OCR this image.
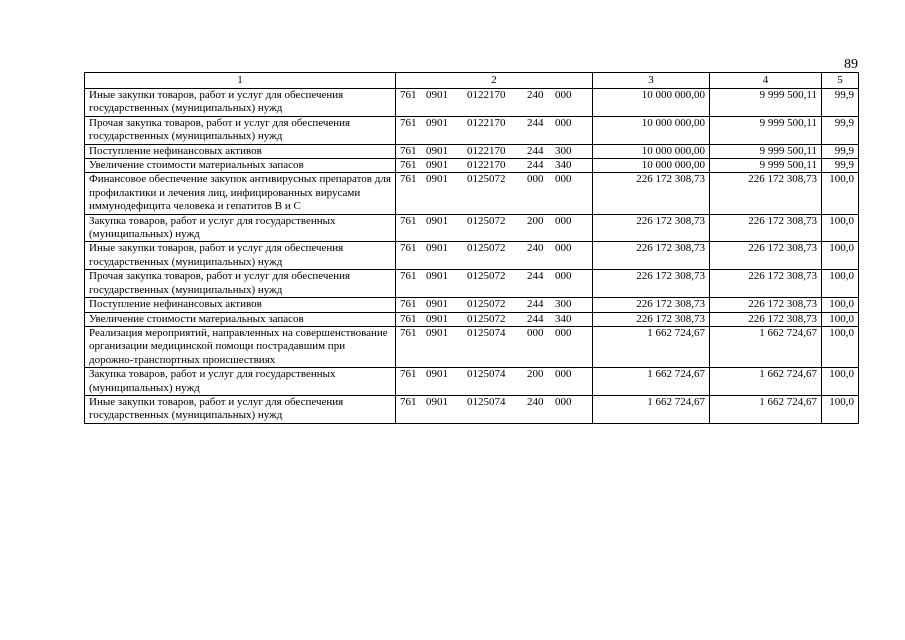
89
1	2	3	4	5
Иные закупки товаров, работ и услуг для обеспечения государственных (муниципальных) нужд	761 0901 0122170 240 000	10 000 000,00	9 999 500,11	99,9
Прочая закупка товаров, работ и услуг для обеспечения государственных (муниципальных) нужд	761 0901 0122170 244 000	10 000 000,00	9 999 500,11	99,9
Поступление нефинансовых активов	761 0901 0122170 244 300	10 000 000,00	9 999 500,11	99,9
Увеличение стоимости материальных запасов	761 0901 0122170 244 340	10 000 000,00	9 999 500,11	99,9
Финансовое обеспечение закупок антивирусных препаратов для профилактики и лечения лиц, инфицированных вирусами иммунодефицита человека и гепатитов B и C	761 0901 0125072 000 000	226 172 308,73	226 172 308,73	100,0
Закупка товаров, работ и услуг для государственных (муниципальных) нужд	761 0901 0125072 200 000	226 172 308,73	226 172 308,73	100,0
Иные закупки товаров, работ и услуг для обеспечения государственных (муниципальных) нужд	761 0901 0125072 240 000	226 172 308,73	226 172 308,73	100,0
Прочая закупка товаров, работ и услуг для обеспечения государственных (муниципальных) нужд	761 0901 0125072 244 000	226 172 308,73	226 172 308,73	100,0
Поступление нефинансовых активов	761 0901 0125072 244 300	226 172 308,73	226 172 308,73	100,0
Увеличение стоимости материальных запасов	761 0901 0125072 244 340	226 172 308,73	226 172 308,73	100,0
Реализация мероприятий, направленных на совершенствование организации медицинской помощи пострадавшим при дорожно-транспортных происшествиях	761 0901 0125074 000 000	1 662 724,67	1 662 724,67	100,0
Закупка товаров, работ и услуг для государственных (муниципальных) нужд	761 0901 0125074 200 000	1 662 724,67	1 662 724,67	100,0
Иные закупки товаров, работ и услуг для обеспечения государственных (муниципальных) нужд	761 0901 0125074 240 000	1 662 724,67	1 662 724,67	100,0
